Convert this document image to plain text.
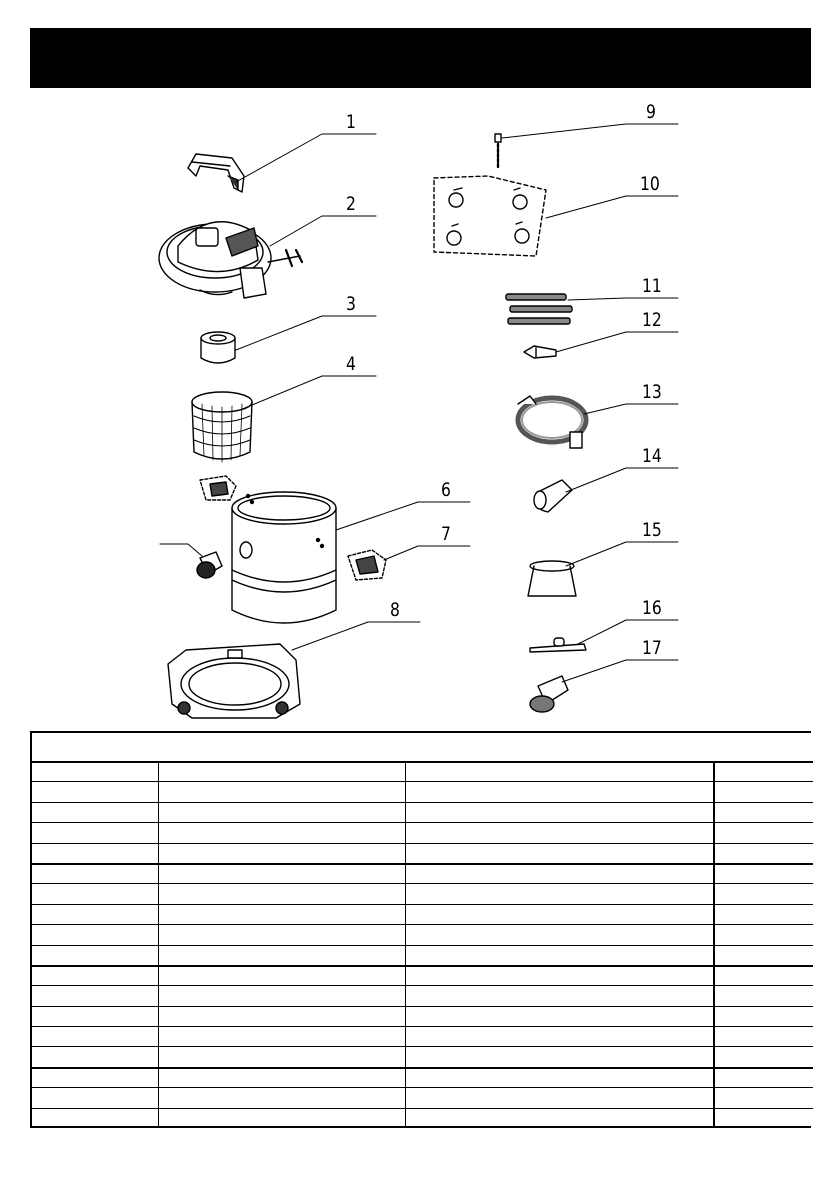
1
2
3
4
6
7
8
9
10
11
12
13
14
15
16
17
